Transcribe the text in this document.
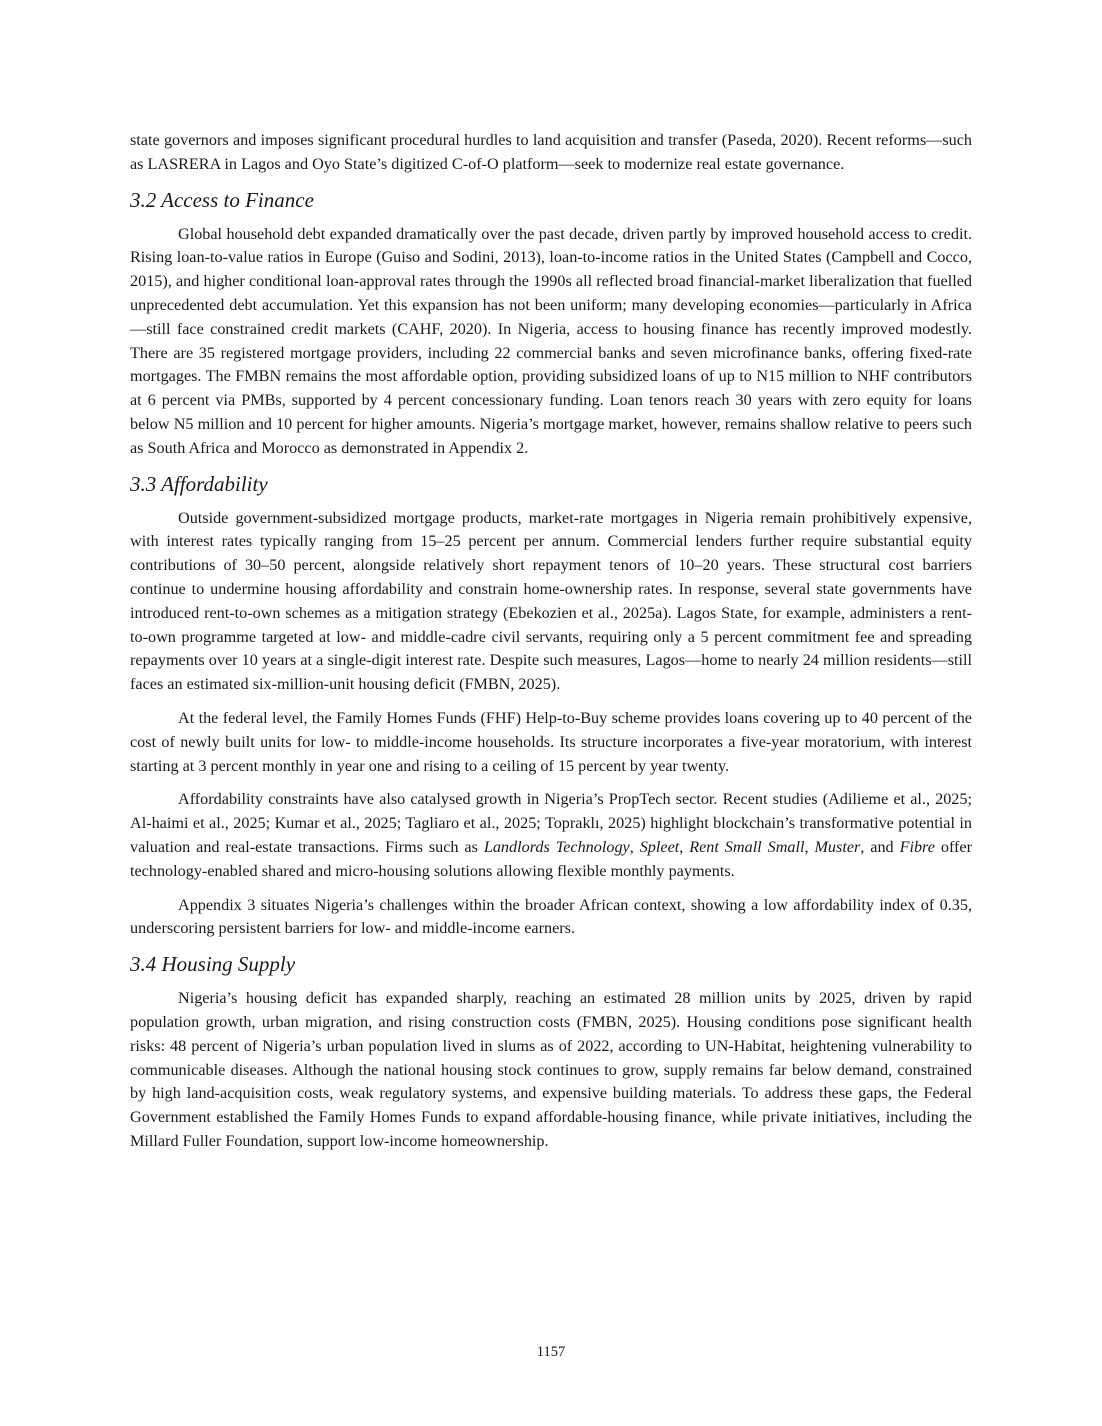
state governors and imposes significant procedural hurdles to land acquisition and transfer (Paseda, 2020). Recent reforms—such as LASRERA in Lagos and Oyo State’s digitized C-of-O platform—seek to modernize real estate governance.

3.2 Access to Finance

Global household debt expanded dramatically over the past decade, driven partly by improved household access to credit. Rising loan-to-value ratios in Europe (Guiso and Sodini, 2013), loan-to-income ratios in the United States (Campbell and Cocco, 2015), and higher conditional loan-approval rates through the 1990s all reflected broad financial-market liberalization that fuelled unprecedented debt accumulation. Yet this expansion has not been uniform; many developing economies—particularly in Africa—still face constrained credit markets (CAHF, 2020). In Nigeria, access to housing finance has recently improved modestly. There are 35 registered mortgage providers, including 22 commercial banks and seven microfinance banks, offering fixed-rate mortgages. The FMBN remains the most affordable option, providing subsidized loans of up to N15 million to NHF contributors at 6 percent via PMBs, supported by 4 percent concessionary funding. Loan tenors reach 30 years with zero equity for loans below N5 million and 10 percent for higher amounts. Nigeria’s mortgage market, however, remains shallow relative to peers such as South Africa and Morocco as demonstrated in Appendix 2.

3.3 Affordability

Outside government-subsidized mortgage products, market-rate mortgages in Nigeria remain prohibitively expensive, with interest rates typically ranging from 15–25 percent per annum. Commercial lenders further require substantial equity contributions of 30–50 percent, alongside relatively short repayment tenors of 10–20 years. These structural cost barriers continue to undermine housing affordability and constrain home-ownership rates. In response, several state governments have introduced rent-to-own schemes as a mitigation strategy (Ebekozien et al., 2025a). Lagos State, for example, administers a rent-to-own programme targeted at low- and middle-cadre civil servants, requiring only a 5 percent commitment fee and spreading repayments over 10 years at a single-digit interest rate. Despite such measures, Lagos—home to nearly 24 million residents—still faces an estimated six-million-unit housing deficit (FMBN, 2025).

At the federal level, the Family Homes Funds (FHF) Help-to-Buy scheme provides loans covering up to 40 percent of the cost of newly built units for low- to middle-income households. Its structure incorporates a five-year moratorium, with interest starting at 3 percent monthly in year one and rising to a ceiling of 15 percent by year twenty.

Affordability constraints have also catalysed growth in Nigeria’s PropTech sector. Recent studies (Adilieme et al., 2025; Al-haimi et al., 2025; Kumar et al., 2025; Tagliaro et al., 2025; Topraklı, 2025) highlight blockchain’s transformative potential in valuation and real-estate transactions. Firms such as Landlords Technology, Spleet, Rent Small Small, Muster, and Fibre offer technology-enabled shared and micro-housing solutions allowing flexible monthly payments.

Appendix 3 situates Nigeria’s challenges within the broader African context, showing a low affordability index of 0.35, underscoring persistent barriers for low- and middle-income earners.

3.4 Housing Supply

Nigeria’s housing deficit has expanded sharply, reaching an estimated 28 million units by 2025, driven by rapid population growth, urban migration, and rising construction costs (FMBN, 2025). Housing conditions pose significant health risks: 48 percent of Nigeria’s urban population lived in slums as of 2022, according to UN-Habitat, heightening vulnerability to communicable diseases. Although the national housing stock continues to grow, supply remains far below demand, constrained by high land-acquisition costs, weak regulatory systems, and expensive building materials. To address these gaps, the Federal Government established the Family Homes Funds to expand affordable-housing finance, while private initiatives, including the Millard Fuller Foundation, support low-income homeownership.

1157
